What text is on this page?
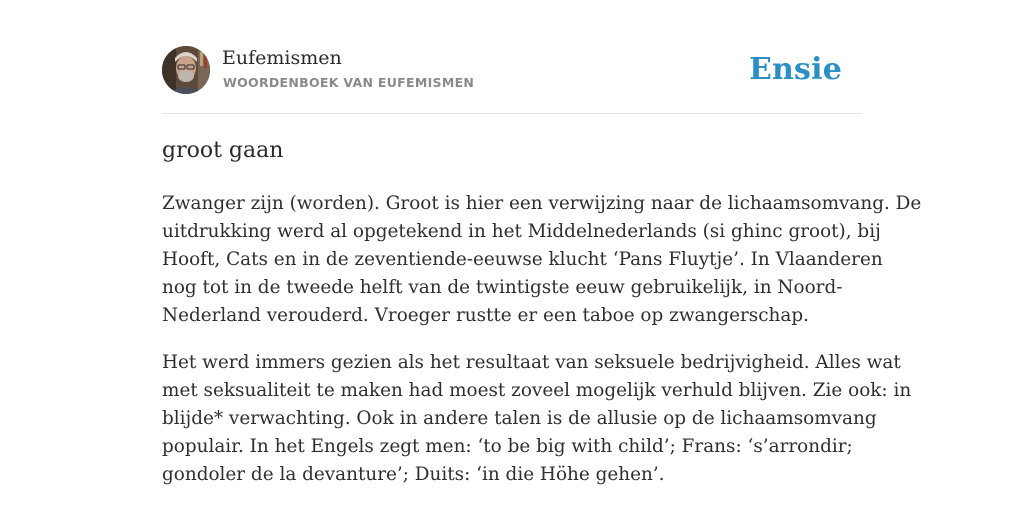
Eufemismen
WOORDENBOEK VAN EUFEMISMEN	Ensie
groot gaan

Zwanger zijn (worden). Groot is hier een verwijzing naar de lichaamsomvang. De
uitdrukking werd al opgetekend in het Middelnederlands (si ghinc groot), bij
Hooft, Cats en in de zeventiende-eeuwse klucht ‘Pans Fluytje’. In Vlaanderen
nog tot in de tweede helft van de twintigste eeuw gebruikelijk, in Noord-
Nederland verouderd. Vroeger rustte er een taboe op zwangerschap.

Het werd immers gezien als het resultaat van seksuele bedrijvigheid. Alles wat
met seksualiteit te maken had moest zoveel mogelijk verhuld blijven. Zie ook: in
blijde* verwachting. Ook in andere talen is de allusie op de lichaamsomvang
populair. In het Engels zegt men: ‘to be big with child’; Frans: ‘s’arrondir;
gondoler de la devanture’; Duits: ‘in die Höhe gehen’.
